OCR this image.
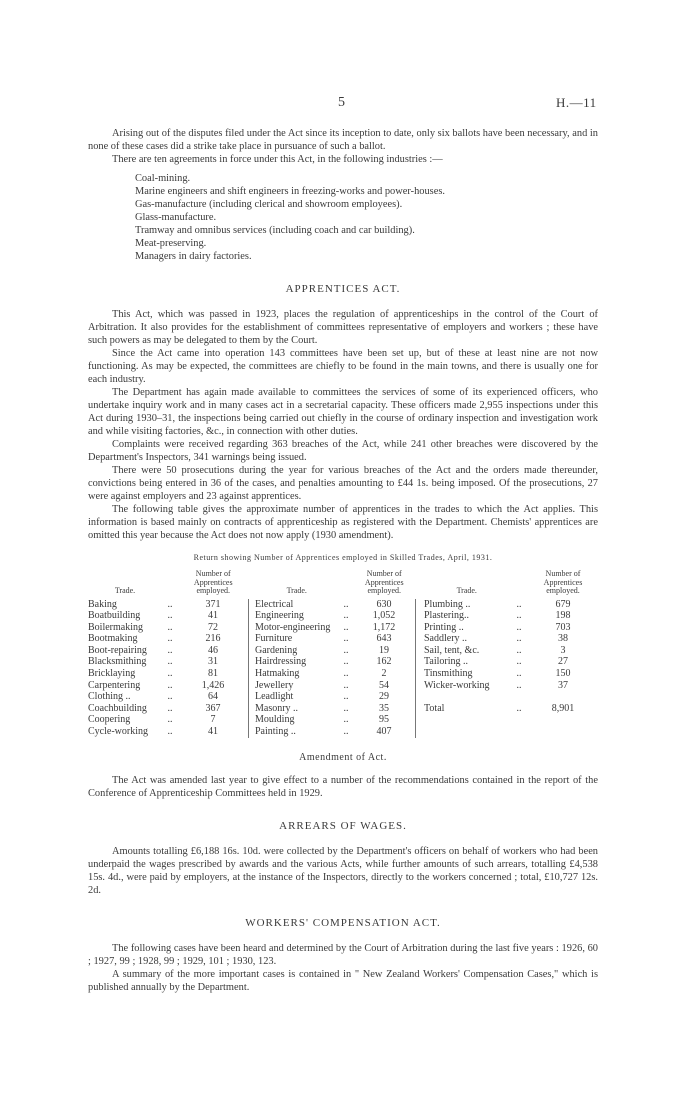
5	H.—11

Arising out of the disputes filed under the Act since its inception to date, only six ballots have been necessary, and in none of these cases did a strike take place in pursuance of such a ballot.

There are ten agreements in force under this Act, in the following industries :—

Coal-mining.
Marine engineers and shift engineers in freezing-works and power-houses.
Gas-manufacture (including clerical and showroom employees).
Glass-manufacture.
Tramway and omnibus services (including coach and car building).
Meat-preserving.
Managers in dairy factories.
APPRENTICES ACT.

This Act, which was passed in 1923, places the regulation of apprenticeships in the control of the Court of Arbitration. It also provides for the establishment of committees representative of employers and workers ; these have such powers as may be delegated to them by the Court.

Since the Act came into operation 143 committees have been set up, but of these at least nine are not now functioning. As may be expected, the committees are chiefly to be found in the main towns, and there is usually one for each industry.

The Department has again made available to committees the services of some of its experienced officers, who undertake inquiry work and in many cases act in a secretarial capacity. These officers made 2,955 inspections under this Act during 1930–31, the inspections being carried out chiefly in the course of ordinary inspection and investigation work and while visiting factories, &c., in connection with other duties.

Complaints were received regarding 363 breaches of the Act, while 241 other breaches were discovered by the Department's Inspectors, 341 warnings being issued.

There were 50 prosecutions during the year for various breaches of the Act and the orders made thereunder, convictions being entered in 36 of the cases, and penalties amounting to £44 1s. being imposed. Of the prosecutions, 27 were against employers and 23 against apprentices.

The following table gives the approximate number of apprentices in the trades to which the Act applies. This information is based mainly on contracts of apprenticeship as registered with the Department. Chemists' apprentices are omitted this year because the Act does not now apply (1930 amendment).

Return showing Number of Apprentices employed in Skilled Trades, April, 1931.
Trade.		Number of Apprentices employed.	Trade.		Number of Apprentices employed.	Trade.		Number of Apprentices employed.
Baking	..	371	Electrical	..	630	Plumbing ..	..	679
Boatbuilding	..	41	Engineering	..	1,052	Plastering..	..	198
Boilermaking	..	72	Motor-engineering	..	1,172	Printing ..	..	703
Bootmaking	..	216	Furniture	..	643	Saddlery ..	..	38
Boot-repairing	..	46	Gardening	..	19	Sail, tent, &c.	..	3
Blacksmithing	..	31	Hairdressing	..	162	Tailoring ..	..	27
Bricklaying	..	81	Hatmaking	..	2	Tinsmithing	..	150
Carpentering	..	1,426	Jewellery	..	54	Wicker-working	..	37
Clothing ..	..	64	Leadlight	..	29			
Coachbuilding	..	367	Masonry ..	..	35	Total	..	8,901
Coopering	..	7	Moulding	..	95			
Cycle-working	..	41	Painting ..	..	407			
Amendment of Act.

The Act was amended last year to give effect to a number of the recommendations contained in the report of the Conference of Apprenticeship Committees held in 1929.

ARREARS OF WAGES.

Amounts totalling £6,188 16s. 10d. were collected by the Department's officers on behalf of workers who had been underpaid the wages prescribed by awards and the various Acts, while further amounts of such arrears, totalling £4,538 15s. 4d., were paid by employers, at the instance of the Inspectors, directly to the workers concerned ; total, £10,727 12s. 2d.

WORKERS' COMPENSATION ACT.

The following cases have been heard and determined by the Court of Arbitration during the last five years : 1926, 60 ; 1927, 99 ; 1928, 99 ; 1929, 101 ; 1930, 123.

A summary of the more important cases is contained in " New Zealand Workers' Compensation Cases," which is published annually by the Department.
